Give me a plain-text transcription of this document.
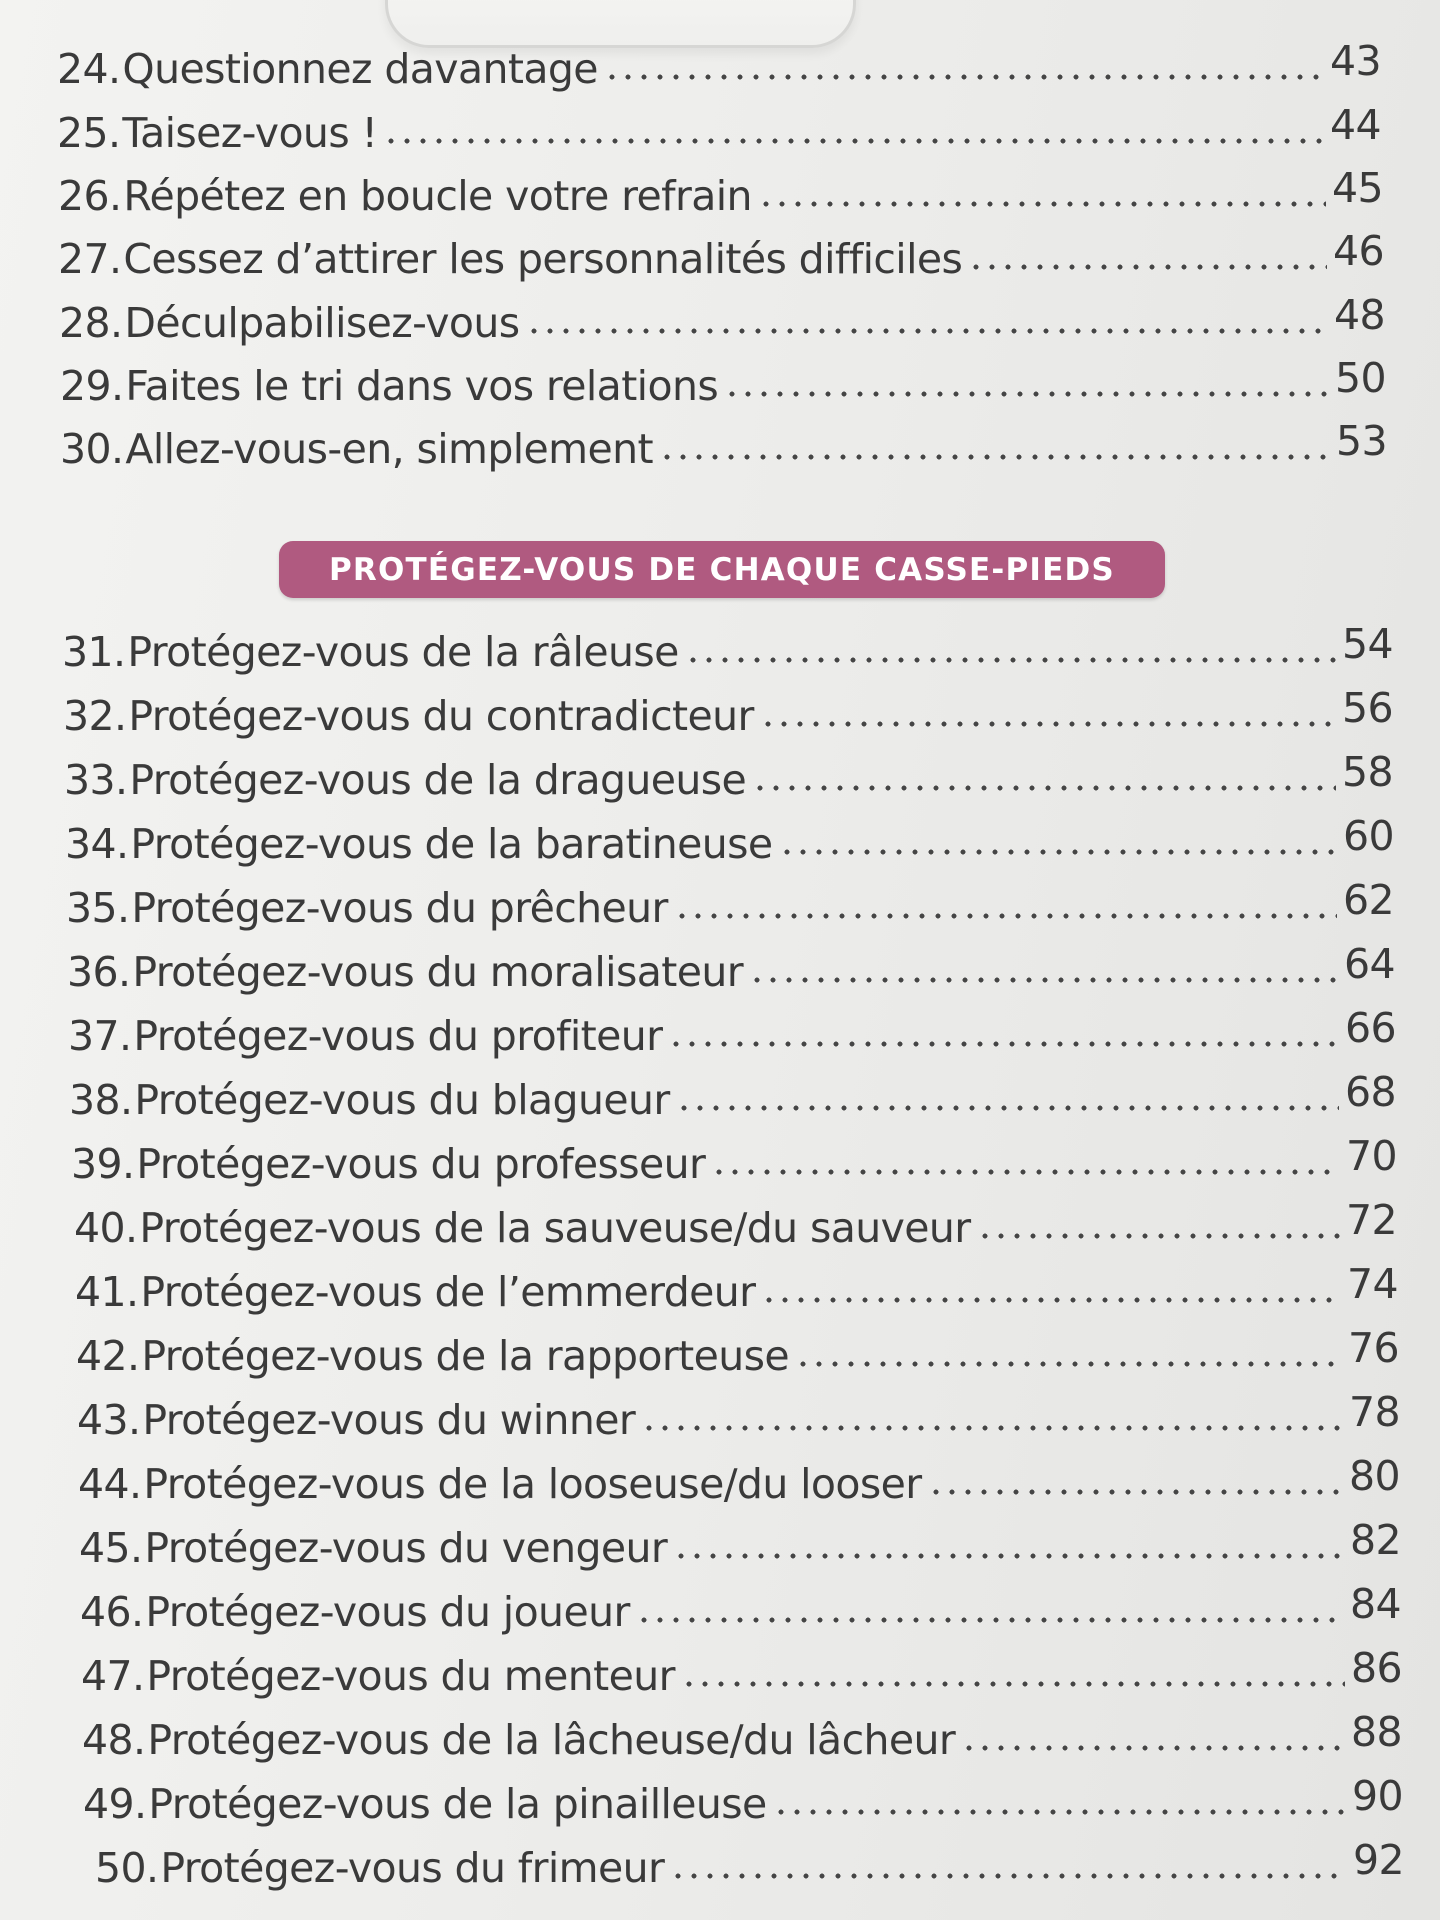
24. Questionnez davantage	43
25. Taisez-vous !	44
26. Répétez en boucle votre refrain	45
27. Cessez d’attirer les personnalités difficiles	46
28. Déculpabilisez-vous	48
29. Faites le tri dans vos relations	50
30. Allez-vous-en, simplement	53
PROTÉGEZ-VOUS DE CHAQUE CASSE-PIEDS
31. Protégez-vous de la râleuse	54
32. Protégez-vous du contradicteur	56
33. Protégez-vous de la dragueuse	58
34. Protégez-vous de la baratineuse	60
35. Protégez-vous du prêcheur	62
36. Protégez-vous du moralisateur	64
37. Protégez-vous du profiteur	66
38. Protégez-vous du blagueur	68
39. Protégez-vous du professeur	70
40. Protégez-vous de la sauveuse/du sauveur	72
41. Protégez-vous de l’emmerdeur	74
42. Protégez-vous de la rapporteuse	76
43. Protégez-vous du winner	78
44. Protégez-vous de la looseuse/du looser	80
45. Protégez-vous du vengeur	82
46. Protégez-vous du joueur	84
47. Protégez-vous du menteur	86
48. Protégez-vous de la lâcheuse/du lâcheur	88
49. Protégez-vous de la pinailleuse	90
50. Protégez-vous du frimeur	92
